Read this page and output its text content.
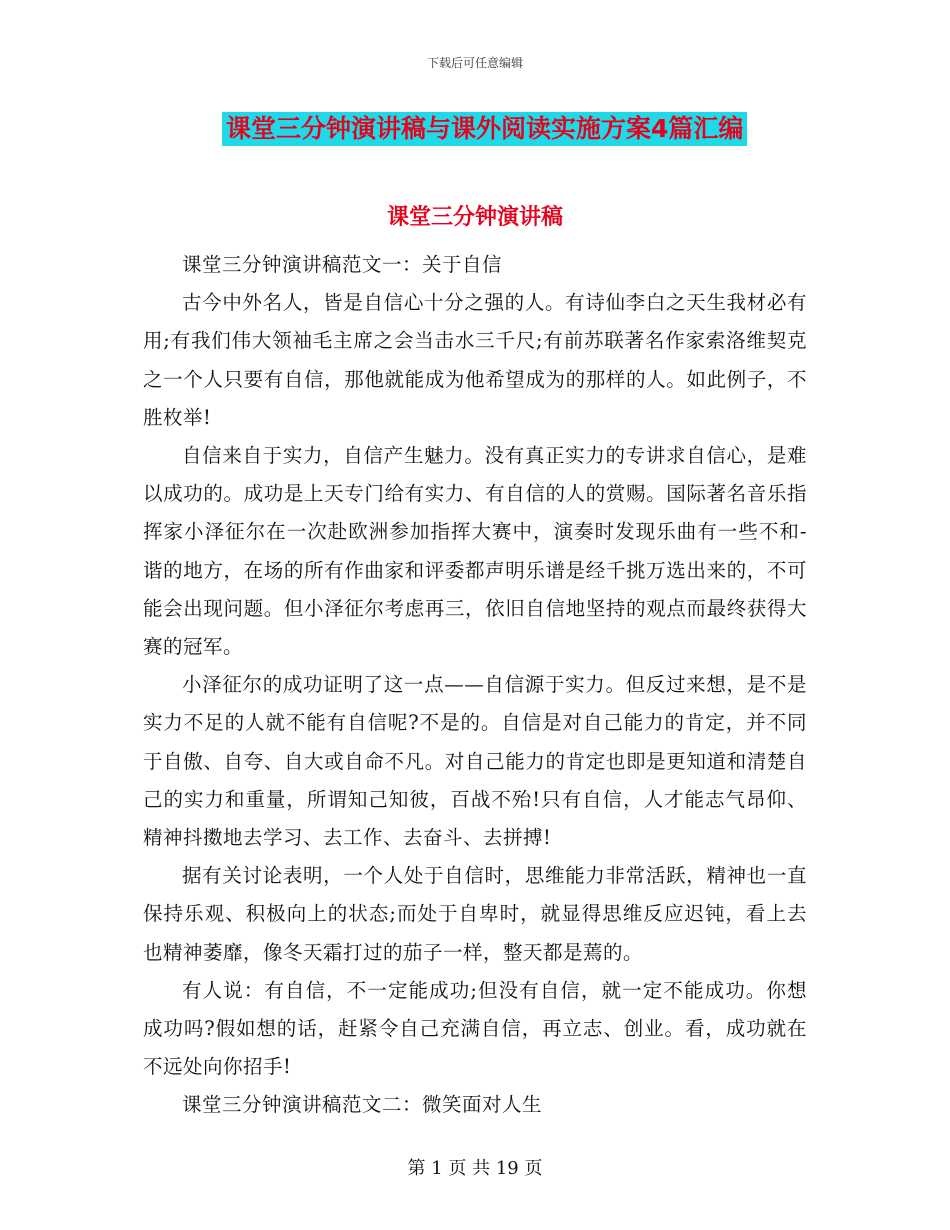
下载后可任意编辑
课堂三分钟演讲稿与课外阅读实施方案4篇汇编
课堂三分钟演讲稿

课堂三分钟演讲稿范文一：关于自信

古今中外名人，皆是自信心十分之强的人。有诗仙李白之天生我材必有用;有我们伟大领袖毛主席之会当击水三千尺;有前苏联著名作家索洛维契克之一个人只要有自信，那他就能成为他希望成为的那样的人。如此例子，不胜枚举!

自信来自于实力，自信产生魅力。没有真正实力的专讲求自信心，是难以成功的。成功是上天专门给有实力、有自信的人的赏赐。国际著名音乐指挥家小泽征尔在一次赴欧洲参加指挥大赛中，演奏时发现乐曲有一些不和-谐的地方，在场的所有作曲家和评委都声明乐谱是经千挑万选出来的，不可能会出现问题。但小泽征尔考虑再三，依旧自信地坚持的观点而最终获得大赛的冠军。

小泽征尔的成功证明了这一点——自信源于实力。但反过来想，是不是实力不足的人就不能有自信呢?不是的。自信是对自己能力的肯定，并不同于自傲、自夸、自大或自命不凡。对自己能力的肯定也即是更知道和清楚自己的实力和重量，所谓知己知彼，百战不殆!只有自信，人才能志气昂仰、精神抖擞地去学习、去工作、去奋斗、去拼搏!

据有关讨论表明，一个人处于自信时，思维能力非常活跃，精神也一直保持乐观、积极向上的状态;而处于自卑时，就显得思维反应迟钝，看上去也精神萎靡，像冬天霜打过的茄子一样，整天都是蔫的。

有人说：有自信，不一定能成功;但没有自信，就一定不能成功。你想成功吗?假如想的话，赶紧令自己充满自信，再立志、创业。看，成功就在不远处向你招手!

课堂三分钟演讲稿范文二：微笑面对人生

第 1 页 共 19 页
